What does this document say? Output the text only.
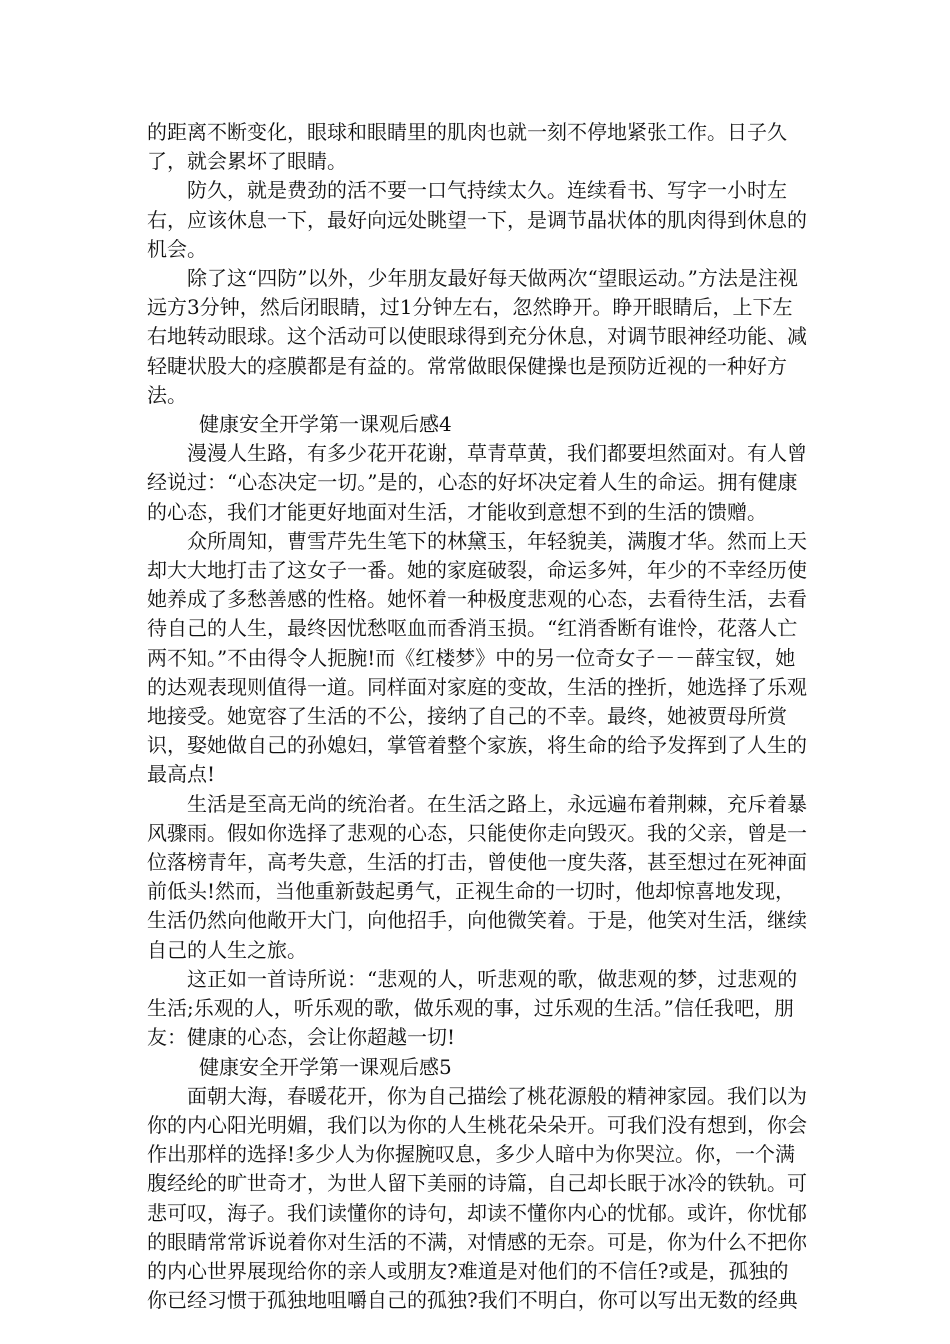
的距离不断变化，眼球和眼睛里的肌肉也就一刻不停地紧张工作。日子久了，就会累坏了眼睛。

防久，就是费劲的活不要一口气持续太久。连续看书、写字一小时左右，应该休息一下，最好向远处眺望一下，是调节晶状体的肌肉得到休息的机会。

除了这“四防”以外，少年朋友最好每天做两次“望眼运动。”方法是注视远方3分钟，然后闭眼睛，过1分钟左右，忽然睁开。睁开眼睛后，上下左右地转动眼球。这个活动可以使眼球得到充分休息，对调节眼神经功能、减轻睫状股大的痉膜都是有益的。常常做眼保健操也是预防近视的一种好方法。

健康安全开学第一课观后感4

漫漫人生路，有多少花开花谢，草青草黄，我们都要坦然面对。有人曾经说过：“心态决定一切。”是的，心态的好坏决定着人生的命运。拥有健康的心态，我们才能更好地面对生活，才能收到意想不到的生活的馈赠。

众所周知，曹雪芹先生笔下的林黛玉，年轻貌美，满腹才华。然而上天却大大地打击了这女子一番。她的家庭破裂，命运多舛，年少的不幸经历使她养成了多愁善感的性格。她怀着一种极度悲观的心态，去看待生活，去看待自己的人生，最终因忧愁呕血而香消玉损。“红消香断有谁怜，花落人亡两不知。”不由得令人扼腕!而《红楼梦》中的另一位奇女子－－薛宝钗，她的达观表现则值得一道。同样面对家庭的变故，生活的挫折，她选择了乐观地接受。她宽容了生活的不公，接纳了自己的不幸。最终，她被贾母所赏识，娶她做自己的孙媳妇，掌管着整个家族，将生命的给予发挥到了人生的最高点!

生活是至高无尚的统治者。在生活之路上，永远遍布着荆棘，充斥着暴风骤雨。假如你选择了悲观的心态，只能使你走向毁灭。我的父亲，曾是一位落榜青年，高考失意，生活的打击，曾使他一度失落，甚至想过在死神面前低头!然而，当他重新鼓起勇气，正视生命的一切时，他却惊喜地发现，生活仍然向他敞开大门，向他招手，向他微笑着。于是，他笑对生活，继续自己的人生之旅。

这正如一首诗所说：“悲观的人，听悲观的歌，做悲观的梦，过悲观的生活;乐观的人，听乐观的歌，做乐观的事，过乐观的生活。”信任我吧，朋友：健康的心态，会让你超越一切!

健康安全开学第一课观后感5

面朝大海，春暖花开，你为自己描绘了桃花源般的精神家园。我们以为你的内心阳光明媚，我们以为你的人生桃花朵朵开。可我们没有想到，你会作出那样的选择!多少人为你握腕叹息，多少人暗中为你哭泣。你，一个满腹经纶的旷世奇才，为世人留下美丽的诗篇，自己却长眠于冰冷的铁轨。可悲可叹，海子。我们读懂你的诗句，却读不懂你内心的忧郁。或许，你忧郁的眼睛常常诉说着你对生活的不满，对情感的无奈。可是，你为什么不把你的内心世界展现给你的亲人或朋友?难道是对他们的不信任?或是，孤独的你已经习惯于孤独地咀嚼自己的孤独?我们不明白，你可以写出无数的经典
